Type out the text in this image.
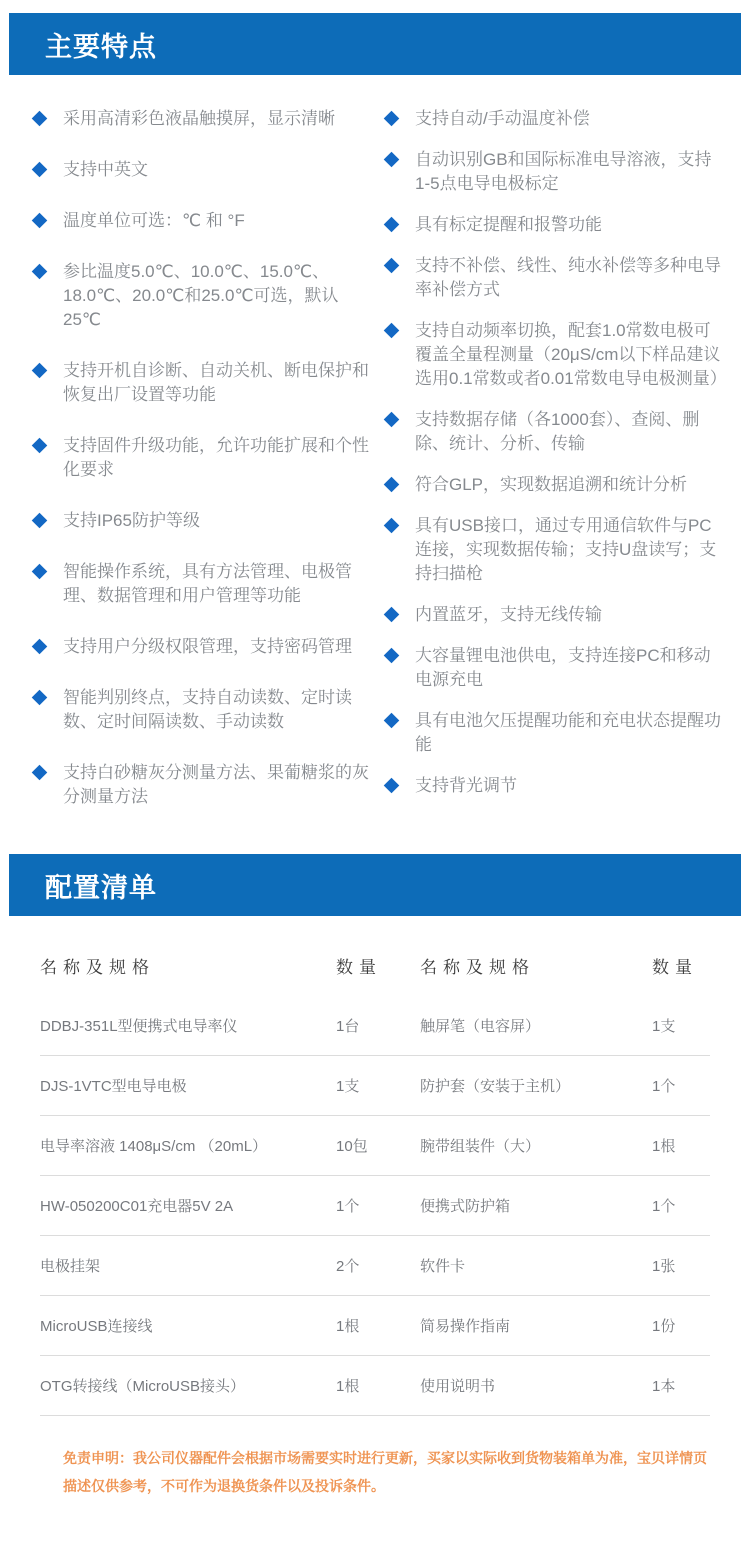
主要特点
采用高清彩色液晶触摸屏，显示清晰
支持中英文
温度单位可选：℃ 和 °F
参比温度5.0℃、10.0℃、15.0℃、18.0℃、20.0℃和25.0℃可选，默认25℃
支持开机自诊断、自动关机、断电保护和恢复出厂设置等功能
支持固件升级功能，允许功能扩展和个性化要求
支持IP65防护等级
智能操作系统，具有方法管理、电极管理、数据管理和用户管理等功能
支持用户分级权限管理，支持密码管理
智能判别终点，支持自动读数、定时读数、定时间隔读数、手动读数
支持白砂糖灰分测量方法、果葡糖浆的灰分测量方法
支持自动/手动温度补偿
自动识别GB和国际标准电导溶液，支持1-5点电导电极标定
具有标定提醒和报警功能
支持不补偿、线性、纯水补偿等多种电导率补偿方式
支持自动频率切换，配套1.0常数电极可覆盖全量程测量（20μS/cm以下样品建议选用0.1常数或者0.01常数电导电极测量）
支持数据存储（各1000套）、查阅、删除、统计、分析、传输
符合GLP，实现数据追溯和统计分析
具有USB接口，通过专用通信软件与PC连接，实现数据传输；支持U盘读写；支持扫描枪
内置蓝牙，支持无线传输
大容量锂电池供电，支持连接PC和移动电源充电
具有电池欠压提醒功能和充电状态提醒功能
支持背光调节
配置清单
名称及规格	数量	名称及规格	数量
DDBJ-351L型便携式电导率仪	1台	触屏笔（电容屏）	1支
DJS-1VTC型电导电极	1支	防护套（安装于主机）	1个
电导率溶液 1408μS/cm （20mL）	10包	腕带组装件（大）	1根
HW-050200C01充电器5V 2A	1个	便携式防护箱	1个
电极挂架	2个	软件卡	1张
MicroUSB连接线	1根	简易操作指南	1份
OTG转接线（MicroUSB接头）	1根	使用说明书	1本
免责申明：我公司仪器配件会根据市场需要实时进行更新，买家以实际收到货物装箱单为准，宝贝详情页描述仅供参考，不可作为退换货条件以及投诉条件。
